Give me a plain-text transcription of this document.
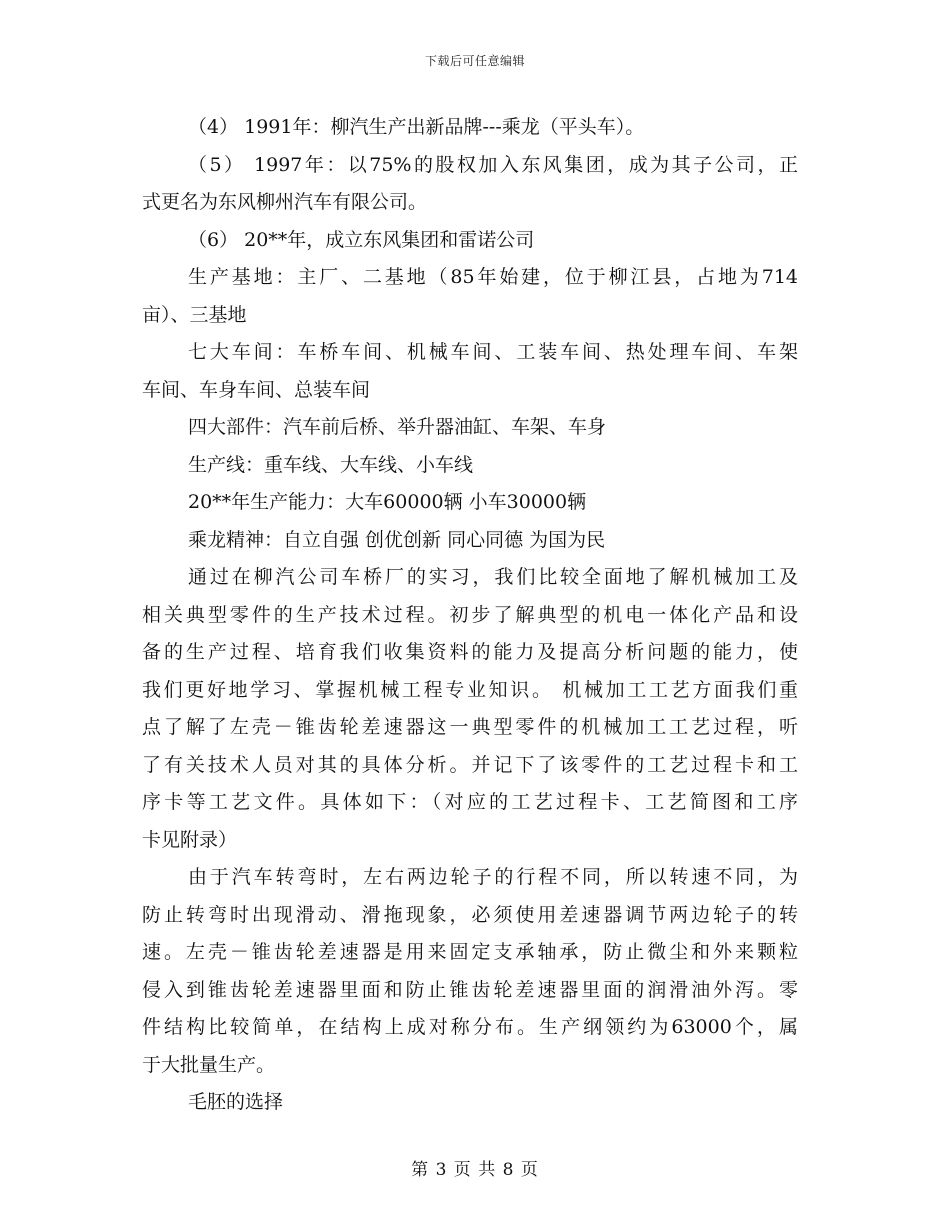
下载后可任意编辑
（4） 1991年：柳汽生产出新品牌---乘龙（平头车）。
（5） 1997年：以75%的股权加入东风集团，成为其子公司，正
式更名为东风柳州汽车有限公司。
（6） 20**年，成立东风集团和雷诺公司
生产基地：主厂、二基地（85年始建，位于柳江县，占地为714
亩）、三基地
七大车间：车桥车间、机械车间、工装车间、热处理车间、车架
车间、车身车间、总装车间
四大部件：汽车前后桥、举升器油缸、车架、车身
生产线：重车线、大车线、小车线
20**年生产能力：大车60000辆 小车30000辆
乘龙精神：自立自强 创优创新 同心同德 为国为民
通过在柳汽公司车桥厂的实习，我们比较全面地了解机械加工及
相关典型零件的生产技术过程。初步了解典型的机电一体化产品和设
备的生产过程、培育我们收集资料的能力及提高分析问题的能力，使
我们更好地学习、掌握机械工程专业知识。 机械加工工艺方面我们重
点了解了左壳－锥齿轮差速器这一典型零件的机械加工工艺过程，听
了有关技术人员对其的具体分析。并记下了该零件的工艺过程卡和工
序卡等工艺文件。具体如下：（对应的工艺过程卡、工艺简图和工序
卡见附录）
由于汽车转弯时，左右两边轮子的行程不同，所以转速不同，为
防止转弯时出现滑动、滑拖现象，必须使用差速器调节两边轮子的转
速。左壳－锥齿轮差速器是用来固定支承轴承，防止微尘和外来颗粒
侵入到锥齿轮差速器里面和防止锥齿轮差速器里面的润滑油外泻。零
件结构比较简单，在结构上成对称分布。生产纲领约为63000个，属
于大批量生产。
毛胚的选择
第 3 页 共 8 页
